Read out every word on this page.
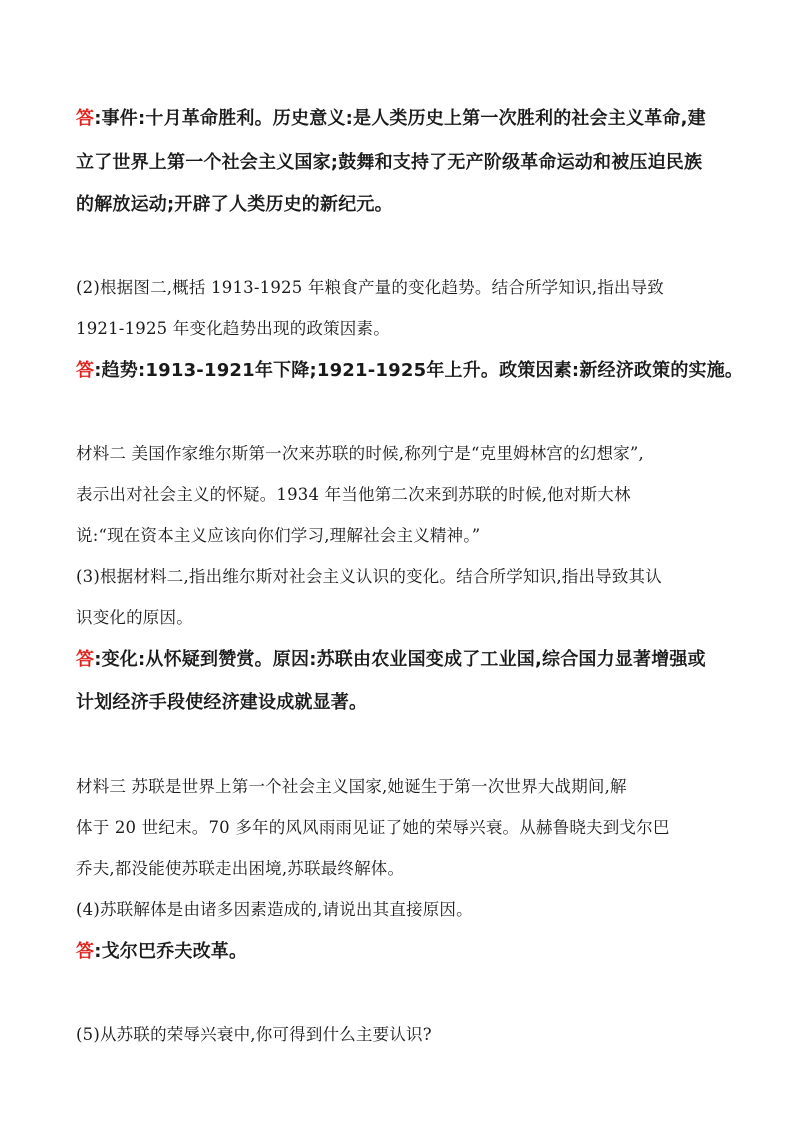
答:事件:十月革命胜利。历史意义:是人类历史上第一次胜利的社会主义革命,建
立了世界上第一个社会主义国家;鼓舞和支持了无产阶级革命运动和被压迫民族
的解放运动;开辟了人类历史的新纪元。
(2)根据图二,概括 1913-1925 年粮食产量的变化趋势。结合所学知识,指出导致
1921-1925 年变化趋势出现的政策因素。
答:趋势:1913-1921年下降;1921-1925年上升。政策因素:新经济政策的实施。
材料二 美国作家维尔斯第一次来苏联的时候,称列宁是“克里姆林宫的幻想家”,
表示出对社会主义的怀疑。1934 年当他第二次来到苏联的时候,他对斯大林
说:“现在资本主义应该向你们学习,理解社会主义精神。”
(3)根据材料二,指出维尔斯对社会主义认识的变化。结合所学知识,指出导致其认
识变化的原因。
答:变化:从怀疑到赞赏。原因:苏联由农业国变成了工业国,综合国力显著增强或
计划经济手段使经济建设成就显著。
材料三 苏联是世界上第一个社会主义国家,她诞生于第一次世界大战期间,解
体于 20 世纪末。70 多年的风风雨雨见证了她的荣辱兴衰。从赫鲁晓夫到戈尔巴
乔夫,都没能使苏联走出困境,苏联最终解体。
(4)苏联解体是由诸多因素造成的,请说出其直接原因。
答:戈尔巴乔夫改革。
(5)从苏联的荣辱兴衰中,你可得到什么主要认识?
